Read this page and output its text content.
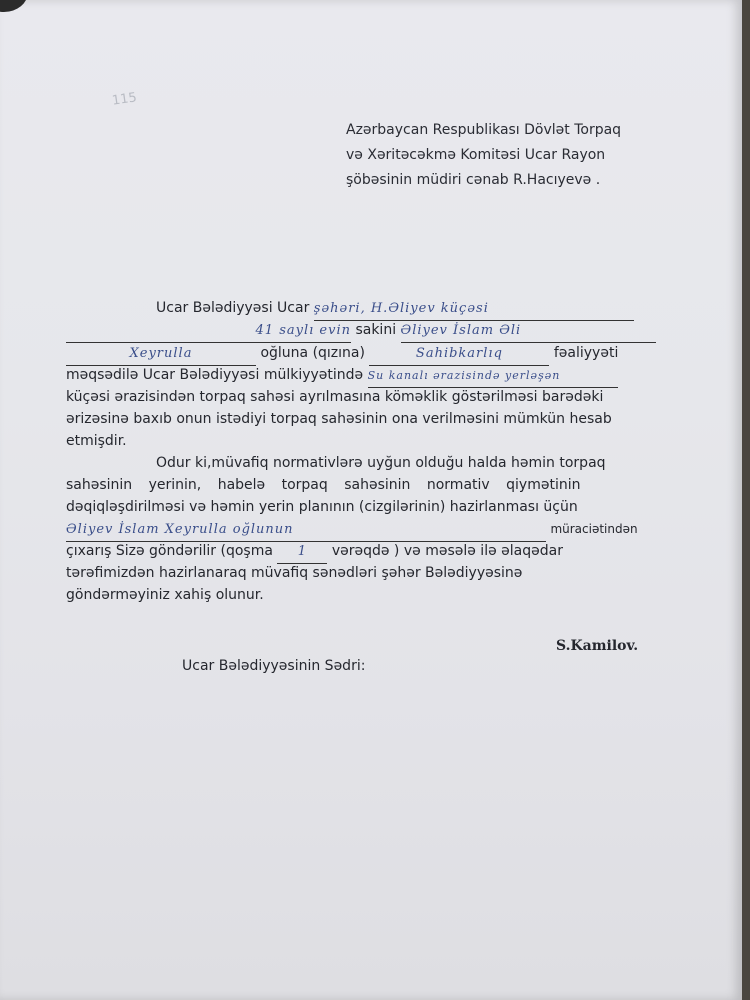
115
Azərbaycan Respublikası Dövlət Torpaq
və Xəritəcəkmə Komitəsi Ucar Rayon
şöbəsinin müdiri cənab R.Hacıyevə .
Ucar Bələdiyyəsi Ucar şəhəri, H.Əliyev küçəsi
41 saylı evin sakini Əliyev İslam Əli
Xeyrulla	oğluna (qızına)	Sahibkarlıq	fəaliyyəti
məqsədilə Ucar Bələdiyyəsi mülkiyyətində Su kanalı ərazisində yerləşən
küçəsi ərazisindən torpaq sahəsi ayrılmasına köməklik göstərilməsi barədəki
ərizəsinə baxıb onun istədiyi torpaq sahəsinin ona verilməsini mümkün hesab
etmişdir.
Odur ki,müvafiq normativlərə uyğun olduğu halda həmin torpaq
sahəsinin yerinin, habelə torpaq sahəsinin normativ qiymətinin
dəqiqləşdirilməsi və həmin yerin planının (cizgilərinin) hazirlanması üçün
Əliyev İslam Xeyrulla oğlunun	müraciətindən
çıxarış Sizə göndərilir (qoşma 1 vərəqdə ) və məsələ ilə əlaqədar
tərəfimizdən hazirlanaraq müvafiq sənədləri şəhər Bələdiyyəsinə
göndərməyiniz xahiş olunur.
S.Kamilov.
Ucar Bələdiyyəsinin Sədri:
